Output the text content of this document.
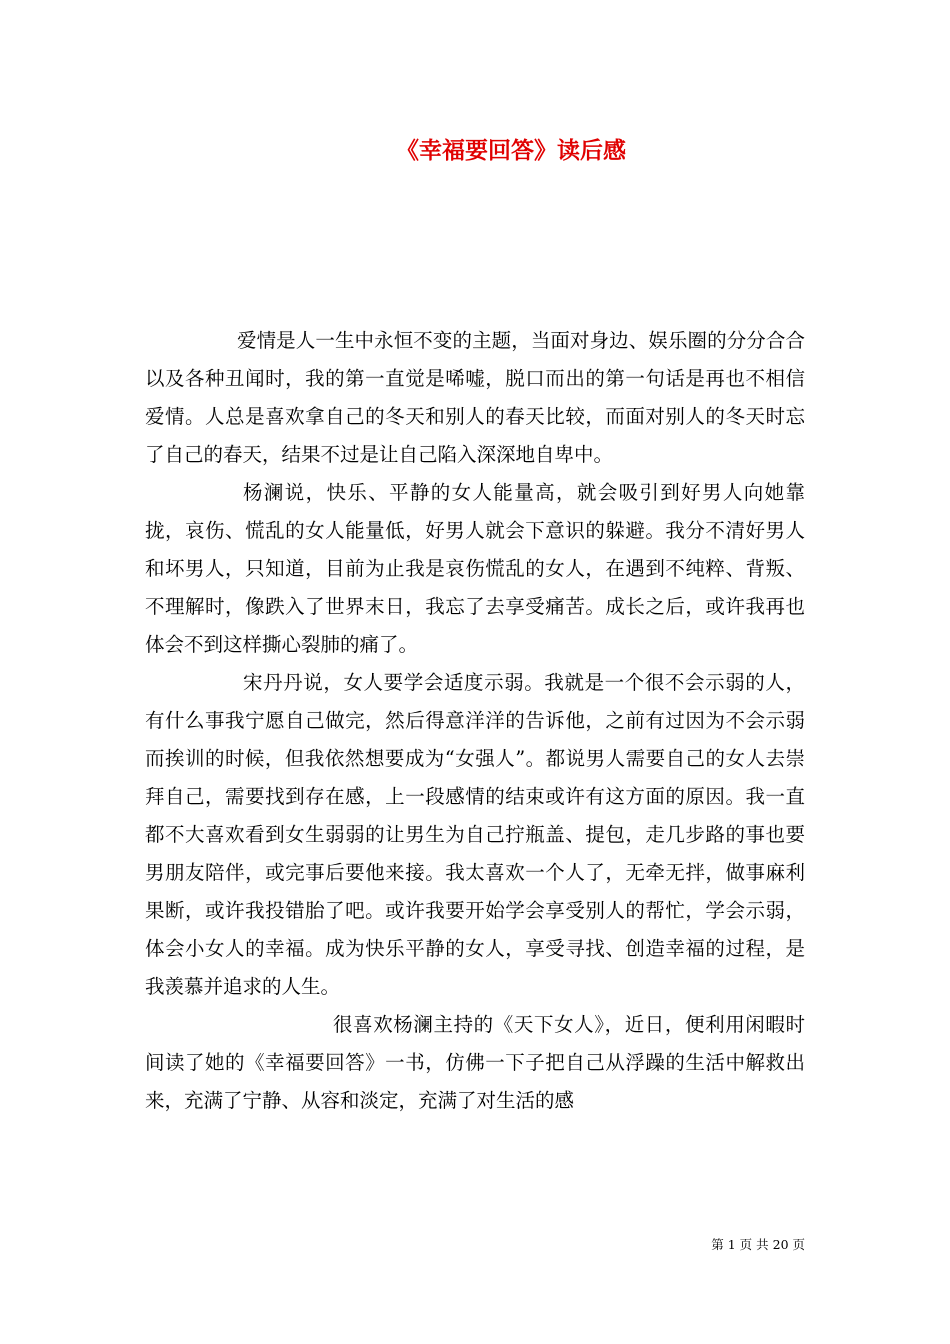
《幸福要回答》读后感

爱情是人一生中永恒不变的主题，当面对身边、娱乐圈的分分合合以及各种丑闻时，我的第一直觉是唏嘘，脱口而出的第一句话是再也不相信爱情。人总是喜欢拿自己的冬天和别人的春天比较，而面对别人的冬天时忘了自己的春天，结果不过是让自己陷入深深地自卑中。

杨澜说，快乐、平静的女人能量高，就会吸引到好男人向她靠拢，哀伤、慌乱的女人能量低，好男人就会下意识的躲避。我分不清好男人和坏男人，只知道，目前为止我是哀伤慌乱的女人，在遇到不纯粹、背叛、不理解时，像跌入了世界末日，我忘了去享受痛苦。成长之后，或许我再也体会不到这样撕心裂肺的痛了。

宋丹丹说，女人要学会适度示弱。我就是一个很不会示弱的人，有什么事我宁愿自己做完，然后得意洋洋的告诉他，之前有过因为不会示弱而挨训的时候，但我依然想要成为“女强人”。都说男人需要自己的女人去崇拜自己，需要找到存在感，上一段感情的结束或许有这方面的原因。我一直都不大喜欢看到女生弱弱的让男生为自己拧瓶盖、提包，走几步路的事也要男朋友陪伴，或完事后要他来接。我太喜欢一个人了，无牵无拌，做事麻利果断，或许我投错胎了吧。或许我要开始学会享受别人的帮忙，学会示弱，体会小女人的幸福。成为快乐平静的女人，享受寻找、创造幸福的过程，是我羡慕并追求的人生。

很喜欢杨澜主持的《天下女人》，近日，便利用闲暇时间读了她的《幸福要回答》一书，仿佛一下子把自己从浮躁的生活中解救出来，充满了宁静、从容和淡定，充满了对生活的感

第 1 页 共 20 页
